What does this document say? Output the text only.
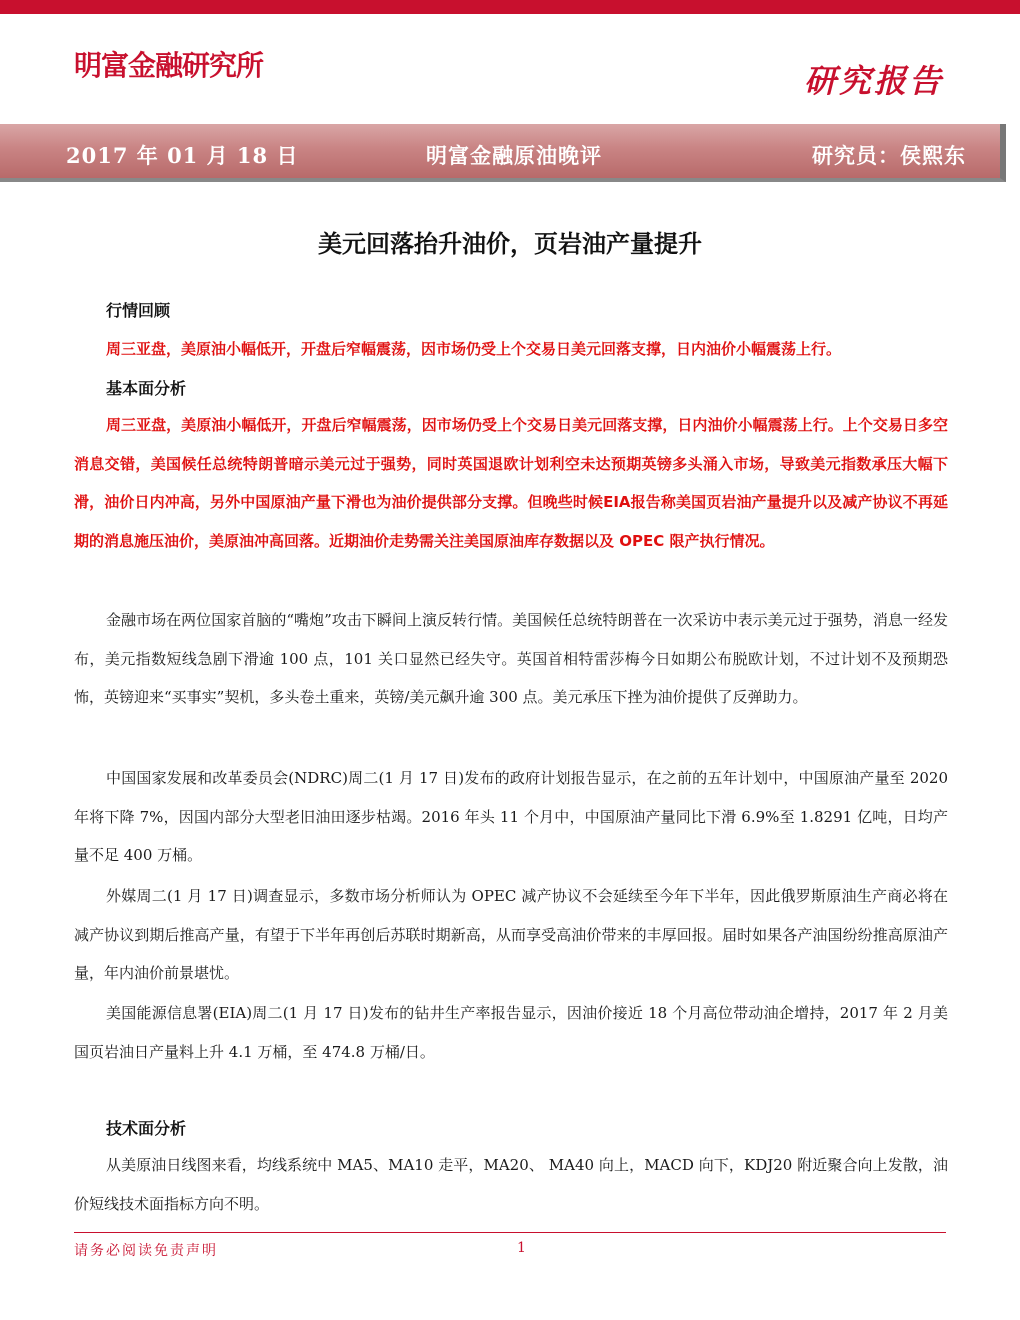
明富金融研究所	研究报告
2017 年 01 月 18 日	明富金融原油晚评	研究员：侯熙东
美元回落抬升油价，页岩油产量提升
行情回顾

周三亚盘，美原油小幅低开，开盘后窄幅震荡，因市场仍受上个交易日美元回落支撑，日内油价小幅震荡上行。

基本面分析

周三亚盘，美原油小幅低开，开盘后窄幅震荡，因市场仍受上个交易日美元回落支撑，日内油价小幅震荡上行。上个交易日多空消息交错，美国候任总统特朗普暗示美元过于强势，同时英国退欧计划利空未达预期英镑多头涌入市场，导致美元指数承压大幅下滑，油价日内冲高，另外中国原油产量下滑也为油价提供部分支撑。但晚些时候EIA报告称美国页岩油产量提升以及减产协议不再延期的消息施压油价，美原油冲高回落。近期油价走势需关注美国原油库存数据以及 OPEC 限产执行情况。

金融市场在两位国家首脑的“嘴炮”攻击下瞬间上演反转行情。美国候任总统特朗普在一次采访中表示美元过于强势，消息一经发布，美元指数短线急剧下滑逾 100 点，101 关口显然已经失守。英国首相特雷莎梅今日如期公布脱欧计划，不过计划不及预期恐怖，英镑迎来“买事实”契机，多头卷土重来，英镑/美元飙升逾 300 点。美元承压下挫为油价提供了反弹助力。

中国国家发展和改革委员会(NDRC)周二(1 月 17 日)发布的政府计划报告显示，在之前的五年计划中，中国原油产量至 2020 年将下降 7%，因国内部分大型老旧油田逐步枯竭。2016 年头 11 个月中，中国原油产量同比下滑 6.9%至 1.8291 亿吨，日均产量不足 400 万桶。

外媒周二(1 月 17 日)调查显示，多数市场分析师认为 OPEC 减产协议不会延续至今年下半年，因此俄罗斯原油生产商必将在减产协议到期后推高产量，有望于下半年再创后苏联时期新高，从而享受高油价带来的丰厚回报。届时如果各产油国纷纷推高原油产量，年内油价前景堪忧。

美国能源信息署(EIA)周二(1 月 17 日)发布的钻井生产率报告显示，因油价接近 18 个月高位带动油企增持，2017 年 2 月美国页岩油日产量料上升 4.1 万桶，至 474.8 万桶/日。

技术面分析

从美原油日线图来看，均线系统中 MA5、MA10 走平，MA20、 MA40 向上，MACD 向下，KDJ20 附近聚合向上发散，油价短线技术面指标方向不明。

请务必阅读免责声明	1
